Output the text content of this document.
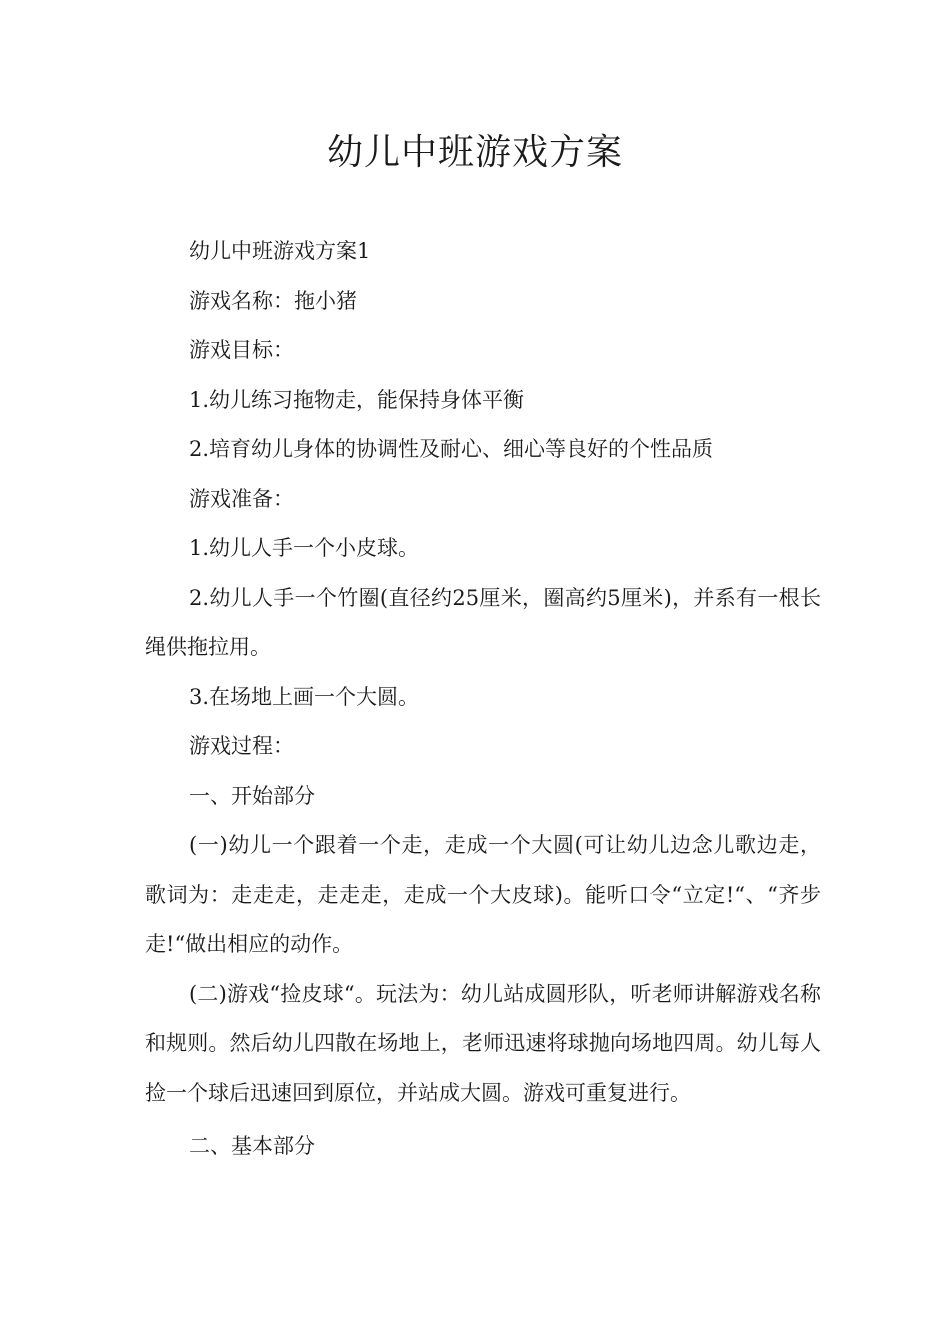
幼儿中班游戏方案

幼儿中班游戏方案1

游戏名称：拖小猪

游戏目标：

1.幼儿练习拖物走，能保持身体平衡

2.培育幼儿身体的协调性及耐心、细心等良好的个性品质

游戏准备：

1.幼儿人手一个小皮球。

2.幼儿人手一个竹圈(直径约25厘米，圈高约5厘米)，并系有一根长绳供拖拉用。

3.在场地上画一个大圆。

游戏过程：

一、开始部分

(一)幼儿一个跟着一个走，走成一个大圆(可让幼儿边念儿歌边走，歌词为：走走走，走走走，走成一个大皮球)。能听口令“立定!“、“齐步走!“做出相应的动作。

(二)游戏“捡皮球“。玩法为：幼儿站成圆形队，听老师讲解游戏名称和规则。然后幼儿四散在场地上，老师迅速将球抛向场地四周。幼儿每人捡一个球后迅速回到原位，并站成大圆。游戏可重复进行。

二、基本部分
